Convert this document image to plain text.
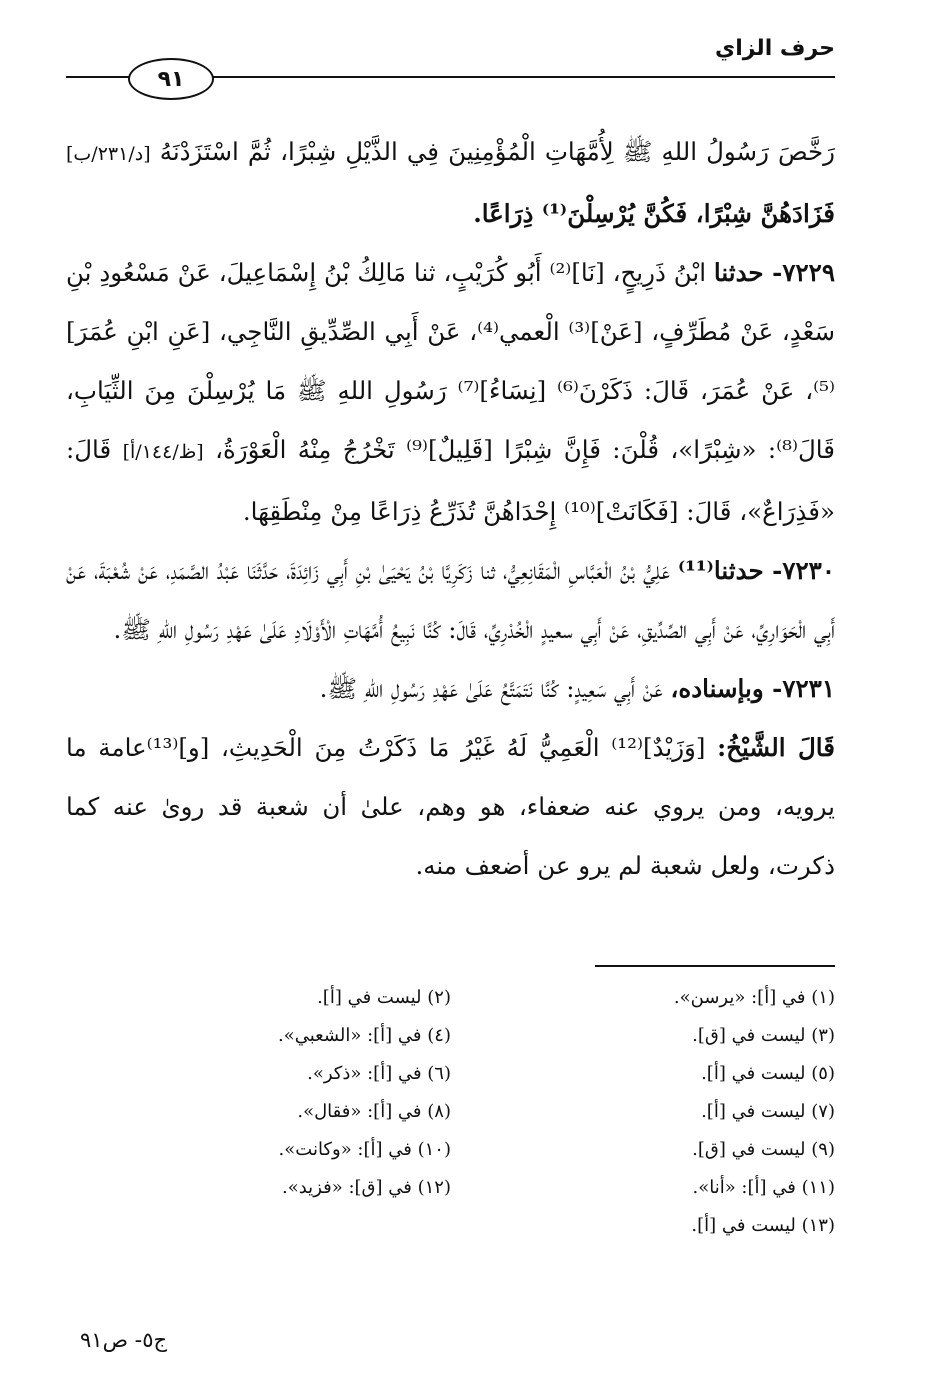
حرف الزاي
٩١

رَخَّصَ رَسُولُ اللهِ ﷺ لِأُمَّهَاتِ الْمُؤْمِنِينَ فِي الذَّيْلِ شِبْرًا، ثُمَّ اسْتَزَدْنَهُ [د/٢٣١/ب] فَزَادَهُنَّ شِبْرًا، فَكُنَّ يُرْسِلْنَ⁽¹⁾ ذِرَاعًا.

٧٢٢٩- حدثنا ابْنُ ذَرِيحٍ، [نَا]⁽²⁾ أَبُو كُرَيْبٍ، ثنا مَالِكُ بْنُ إِسْمَاعِيلَ، عَنْ مَسْعُودِ بْنِ سَعْدٍ، عَنْ مُطَرِّفٍ، [عَنْ]⁽³⁾ الْعمي⁽⁴⁾، عَنْ أَبِي الصِّدِّيقِ النَّاجِي، [عَنِ ابْنِ عُمَرَ]⁽⁵⁾، عَنْ عُمَرَ، قَالَ: ذَكَرْنَ⁽⁶⁾ [نِسَاءُ]⁽⁷⁾ رَسُولِ اللهِ ﷺ مَا يُرْسِلْنَ مِنَ الثِّيَابِ، قَالَ⁽⁸⁾: «شِبْرًا»، قُلْنَ: فَإِنَّ شِبْرًا [قَلِيلٌ]⁽⁹⁾ تَخْرُجُ مِنْهُ الْعَوْرَةُ، [ظ/١٤٤/أ] قَالَ: «فَذِرَاعٌ»، قَالَ: [فَكَانَتْ]⁽¹⁰⁾ إِحْدَاهُنَّ تُذَرِّعُ ذِرَاعًا مِنْ مِنْطَقِهَا.

٧٢٣٠- حدثنا⁽¹¹⁾ عَلِيُّ بْنُ الْعَبَّاسِ الْمَقَانِعِيُّ، ثنا زَكَرِيَّا بْنُ يَحْيَىٰ بْنِ أَبِي زَائِدَةَ، حَدَّثَنَا عَبْدُ الصَّمَدِ، عَنْ شُعْبَةَ، عَنْ أَبِي الْحَوَارِيِّ، عَنْ أَبِي الصِّدِّيقِ، عَنْ أَبِي سعيدٍ الْخُدْرِيِّ، قَالَ: كُنَّا نَبِيعُ أُمَّهَاتِ الْأَوْلَادِ عَلَىٰ عَهْدِ رَسُولِ اللهِ ﷺ.

٧٢٣١- وبإسناده، عَنْ أَبِي سَعِيدٍ: كُنَّا نَتَمَتَّعُ عَلَىٰ عَهْدِ رَسُولِ اللهِ ﷺ.

قَالَ الشَّيْخُ: [وَزَيْدٌ]⁽¹²⁾ الْعَمِيُّ لَهُ غَيْرُ مَا ذَكَرْتُ مِنَ الْحَدِيثِ، [و]⁽¹³⁾عامة ما يرويه، ومن يروي عنه ضعفاء، هو وهم، علىٰ أن شعبة قد روىٰ عنه كما ذكرت، ولعل شعبة لم يرو عن أضعف منه.

(١) في [أ]: «يرسن».
(٢) ليست في [أ].
(٣) ليست في [ق].
(٤) في [أ]: «الشعبي».
(٥) ليست في [أ].
(٦) في [أ]: «ذكر».
(٧) ليست في [أ].
(٨) في [أ]: «فقال».
(٩) ليست في [ق].
(١٠) في [أ]: «وكانت».
(١١) في [أ]: «أنا».
(١٢) في [ق]: «فزيد».
(١٣) ليست في [أ].
ج٥- ص٩١
